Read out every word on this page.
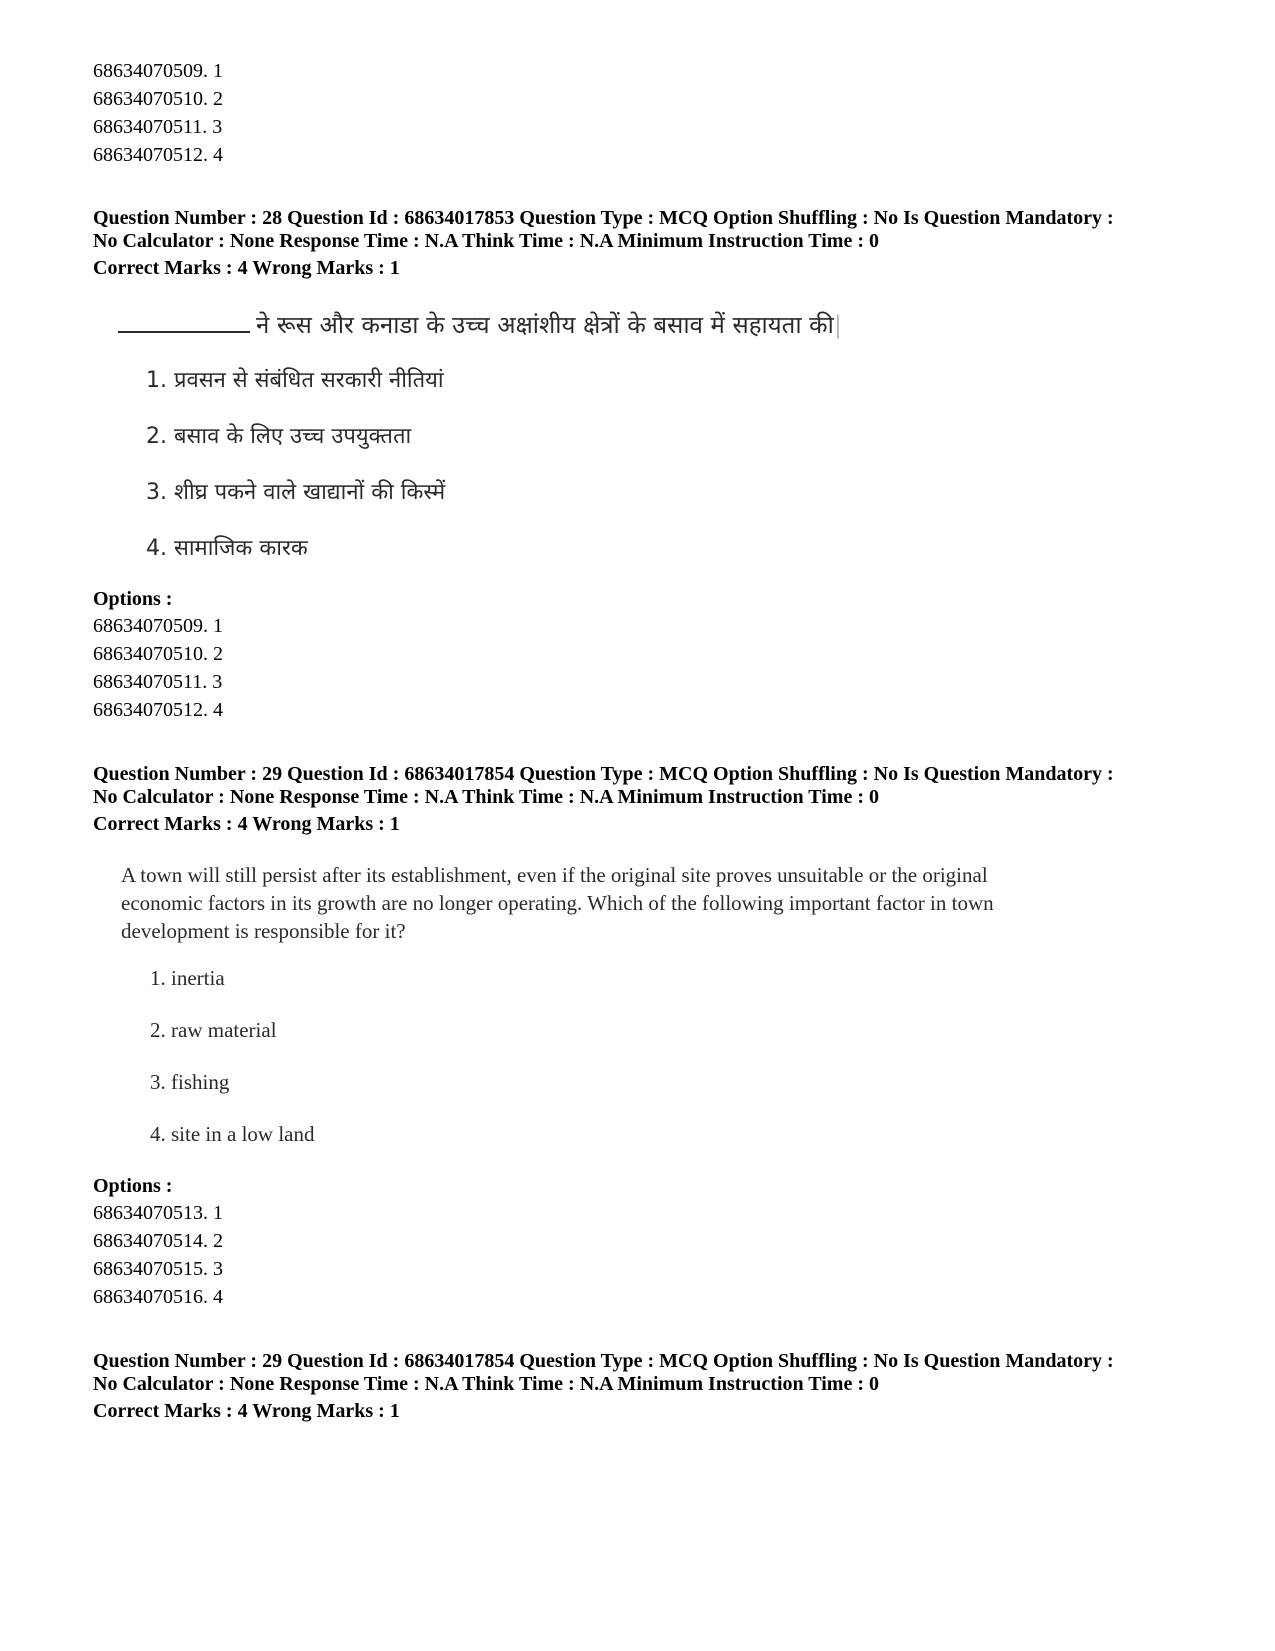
68634070509. 1
68634070510. 2
68634070511. 3
68634070512. 4
Question Number : 28 Question Id : 68634017853 Question Type : MCQ Option Shuffling : No Is Question Mandatory :
No Calculator : None Response Time : N.A Think Time : N.A Minimum Instruction Time : 0
Correct Marks : 4 Wrong Marks : 1
ने रूस और कनाडा के उच्च अक्षांशीय क्षेत्रों के बसाव में सहायता की|
1. प्रवसन से संबंधित सरकारी नीतियां
2. बसाव के लिए उच्च उपयुक्तता
3. शीघ्र पकने वाले खाद्यानों की किस्में
4. सामाजिक कारक
Options :
68634070509. 1
68634070510. 2
68634070511. 3
68634070512. 4
Question Number : 29 Question Id : 68634017854 Question Type : MCQ Option Shuffling : No Is Question Mandatory :
No Calculator : None Response Time : N.A Think Time : N.A Minimum Instruction Time : 0
Correct Marks : 4 Wrong Marks : 1
A town will still persist after its establishment, even if the original site proves unsuitable or the original
economic factors in its growth are no longer operating. Which of the following important factor in town
development is responsible for it?
1. inertia
2. raw material
3. fishing
4. site in a low land
Options :
68634070513. 1
68634070514. 2
68634070515. 3
68634070516. 4
Question Number : 29 Question Id : 68634017854 Question Type : MCQ Option Shuffling : No Is Question Mandatory :
No Calculator : None Response Time : N.A Think Time : N.A Minimum Instruction Time : 0
Correct Marks : 4 Wrong Marks : 1
